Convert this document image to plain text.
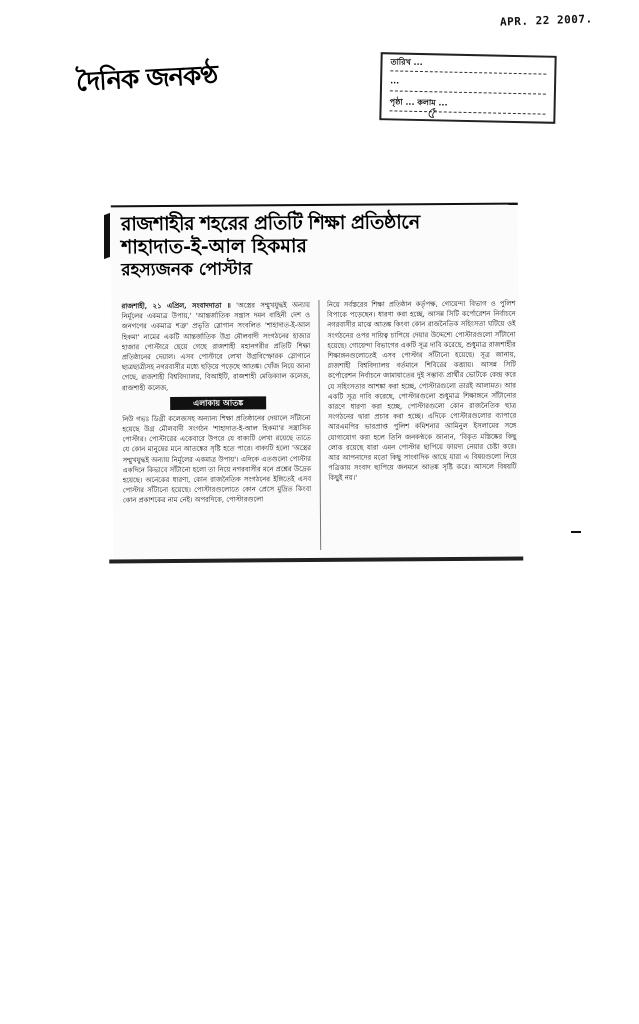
APR. 22 2007.
দৈনিক জনকণ্ঠ	তারিখ ...
...
পৃষ্ঠা ... কলাম ...
৫
রাজশাহীর শহরের প্রতিটি শিক্ষা প্রতিষ্ঠানে
শাহাদাত-ই-আল হিকমার
রহস্যজনক পোস্টার

রাজশাহী, ২১ এপ্রিল, সংবাদদাতা ॥ 'অস্ত্রের সম্মুখযুদ্ধই অন্যায় নির্মূলের একমাত্র উপায়,' 'আন্তর্জাতিক সন্ত্রাস দমন বাহিনী দেশ ও জনগণের একমাত্র শত্রু' প্রভৃতি স্লোগান সংবলিত 'শাহাদাত-ই-আল হিকমা' নামের একটি আন্তর্জাতিক উগ্র মৌলবাদী সংগঠনের হাজার হাজার পোস্টারে ছেয়ে গেছে রাজশাহী মহানগরীর প্রতিটি শিক্ষা প্রতিষ্ঠানের দেয়াল। এসব পোস্টারে লেখা উগ্রবিস্ফোরক স্লোগানে ছাত্রছাত্রীসহ নগরবাসীর মধ্যে ছড়িয়ে পড়েছে আতঙ্ক। খোঁজ নিয়ে জানা গেছে, রাজশাহী বিশ্ববিদ্যালয়, বিআইটি, রাজশাহী মেডিক্যাল কলেজ, রাজশাহী কলেজ,

এলাকায় আতঙ্ক

নিউ গভঃ ডিগ্রী কলেজসহ অন্যান্য শিক্ষা প্রতিষ্ঠানের দেয়ালে সাঁটানো হয়েছে উগ্র মৌলবাদী সংগঠন 'শাহাদাত-ই-আল হিকমা'র সস্ত্রাসিক পোস্টার। পোস্টারের একেবারে উপরে যে বাক্যটি লেখা রয়েছে তাতে যে কোন মানুষের মনে আতঙ্কের সৃষ্টি হতে পারে। বাক্যটি হলো 'অস্ত্রের সম্মুখযুদ্ধই অন্যায় নির্মূলের একমাত্র উপায়'। এদিকে এতগুলো পোস্টার একদিনে কিভাবে সাঁটানো হলো তা নিয়ে নগরবাসীর মনে প্রশ্নের উদ্রেক হয়েছে। অনেকের ধারণা, কোন রাজনৈতিক সংগঠনের ইঙ্গিতেই এসব পোস্টার সাঁটানো হয়েছে। পোস্টারগুলোতে কোন প্রেসে মুদ্রিত কিংবা কোন প্রকাশকের নাম নেই। অপরদিকে, পোস্টারগুলো

নিয়ে সর্বস্তরের শিক্ষা প্রতিষ্ঠান কর্তৃপক্ষ, গোয়েন্দা বিভাগ ও পুলিশ বিপাকে পড়েছেন। ধারণা করা হচ্ছে, আসন্ন সিটি কর্পোরেশন নির্বাচনে নগরবাসীর মাঝে আতঙ্ক কিংবা কোন রাজনৈতিক সহিংসতা ঘটিয়ে ওই সংগঠনের ওপর দায়িত্ব চাপিয়ে দেয়ার উদ্দেশ্যে পোস্টারগুলো সাঁটানো হয়েছে। গোয়েন্দা বিভাগের একটি সূত্র দাবি করেছে, শুধুমাত্র রাজশাহীর শিক্ষাঙ্গনগুলোতেই এসব পোস্টার সাঁটানো হয়েছে। সূত্র জানায়, রাজশাহী বিশ্ববিদ্যালয় বর্তমানে শিবিরের কব্জায়। আসন্ন সিটি কর্পোরেশন নির্বাচনে জামায়াতের দুই সম্ভাব্য প্রার্থীর ভোটকে কেন্দ্র করে যে সহিংসতার আশঙ্কা করা হচ্ছে, পোস্টারগুলো তারই আলামত। আর একটি সূত্র দাবি করেছে, পোস্টারগুলো শুধুমাত্র শিক্ষাঙ্গনে সাঁটানোর কারণে ধারণা করা হচ্ছে, পোস্টারগুলো কোন রাজনৈতিক ছাত্র সংগঠনের দ্বারা প্রচার করা হচ্ছে। এদিকে পোস্টারগুলোর ব্যাপারে আরএমপির ভারপ্রাপ্ত পুলিশ কমিশনার আমিনুল ইসলামের সঙ্গে যোগাযোগ করা হলে তিনি জনকণ্ঠকে জানান, 'বিকৃত মস্তিষ্কের কিছু লোক রয়েছে যারা এমন পোস্টার ছাপিয়ে ফায়দা নেয়ার চেষ্টা করে। আর আপনাদের মতো কিছু সাংবাদিক আছে যারা এ বিষয়গুলো নিয়ে পত্রিকায় সংবাদ ছাপিয়ে জনমনে আতঙ্ক সৃষ্টি করে। আসলে বিষয়টি কিছুই নয়।'
